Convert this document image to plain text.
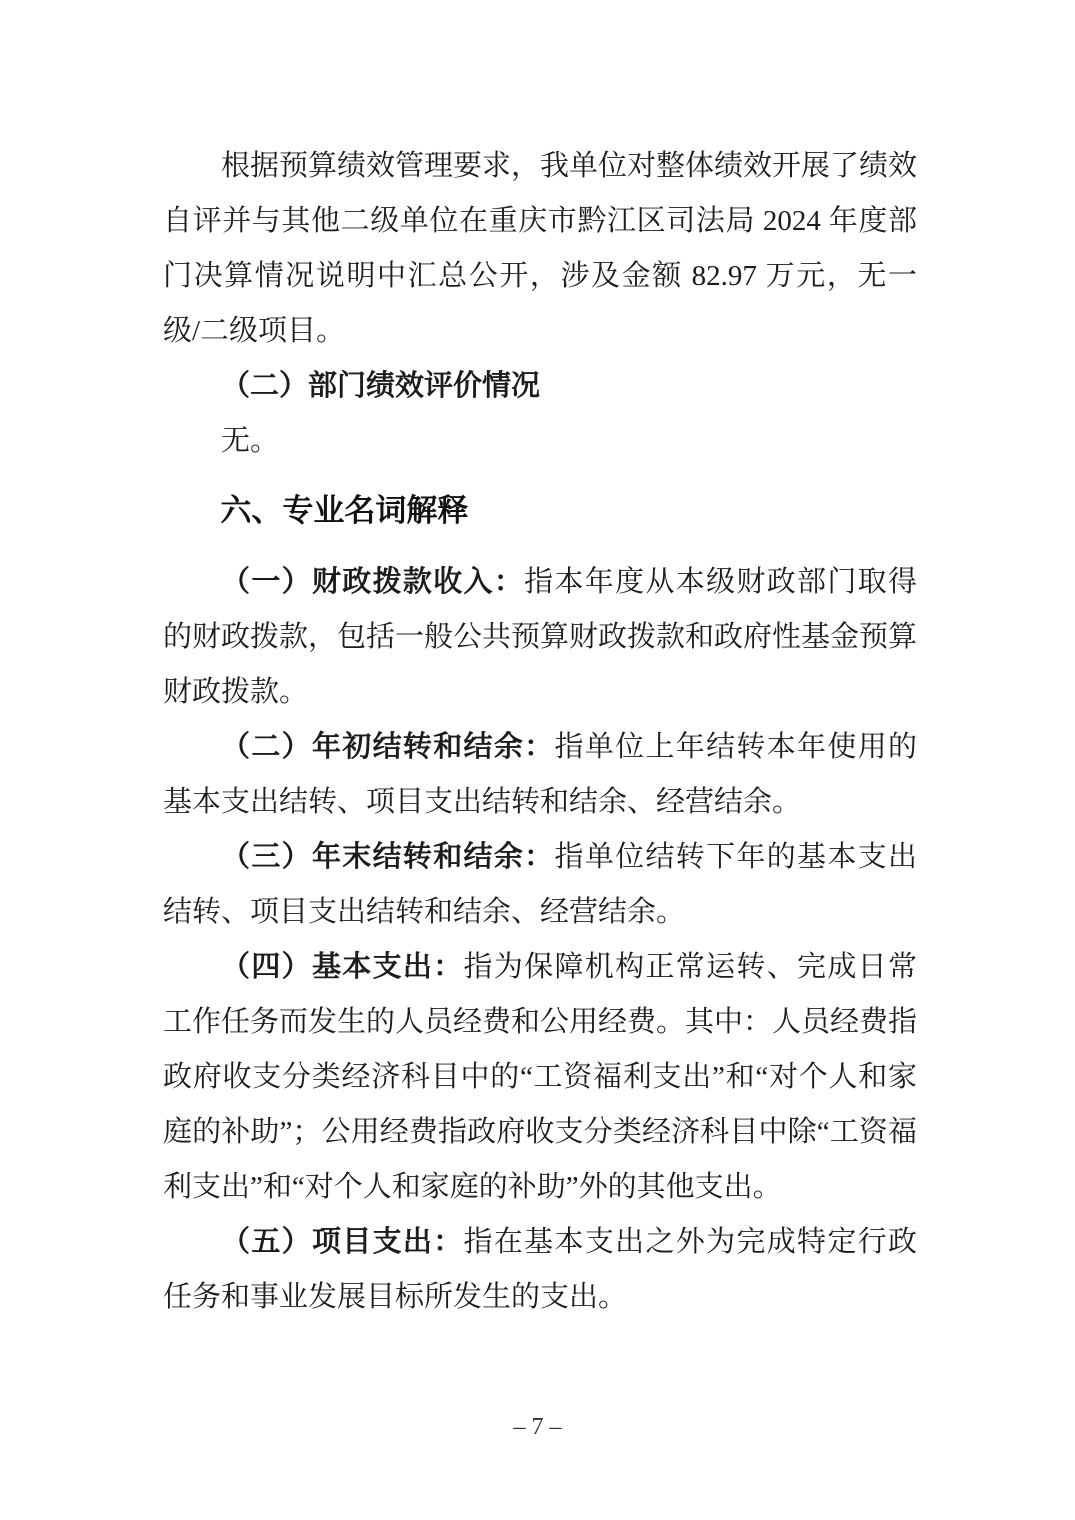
根据预算绩效管理要求，我单位对整体绩效开展了绩效自评并与其他二级单位在重庆市黔江区司法局 2024 年度部门决算情况说明中汇总公开，涉及金额 82.97 万元，无一级/二级项目。

（二）部门绩效评价情况

无。

六、专业名词解释

（一）财政拨款收入：指本年度从本级财政部门取得的财政拨款，包括一般公共预算财政拨款和政府性基金预算财政拨款。

（二）年初结转和结余：指单位上年结转本年使用的基本支出结转、项目支出结转和结余、经营结余。

（三）年末结转和结余：指单位结转下年的基本支出结转、项目支出结转和结余、经营结余。

（四）基本支出：指为保障机构正常运转、完成日常工作任务而发生的人员经费和公用经费。其中：人员经费指政府收支分类经济科目中的“工资福利支出”和“对个人和家庭的补助”；公用经费指政府收支分类经济科目中除“工资福利支出”和“对个人和家庭的补助”外的其他支出。

（五）项目支出：指在基本支出之外为完成特定行政任务和事业发展目标所发生的支出。

– 7 –
